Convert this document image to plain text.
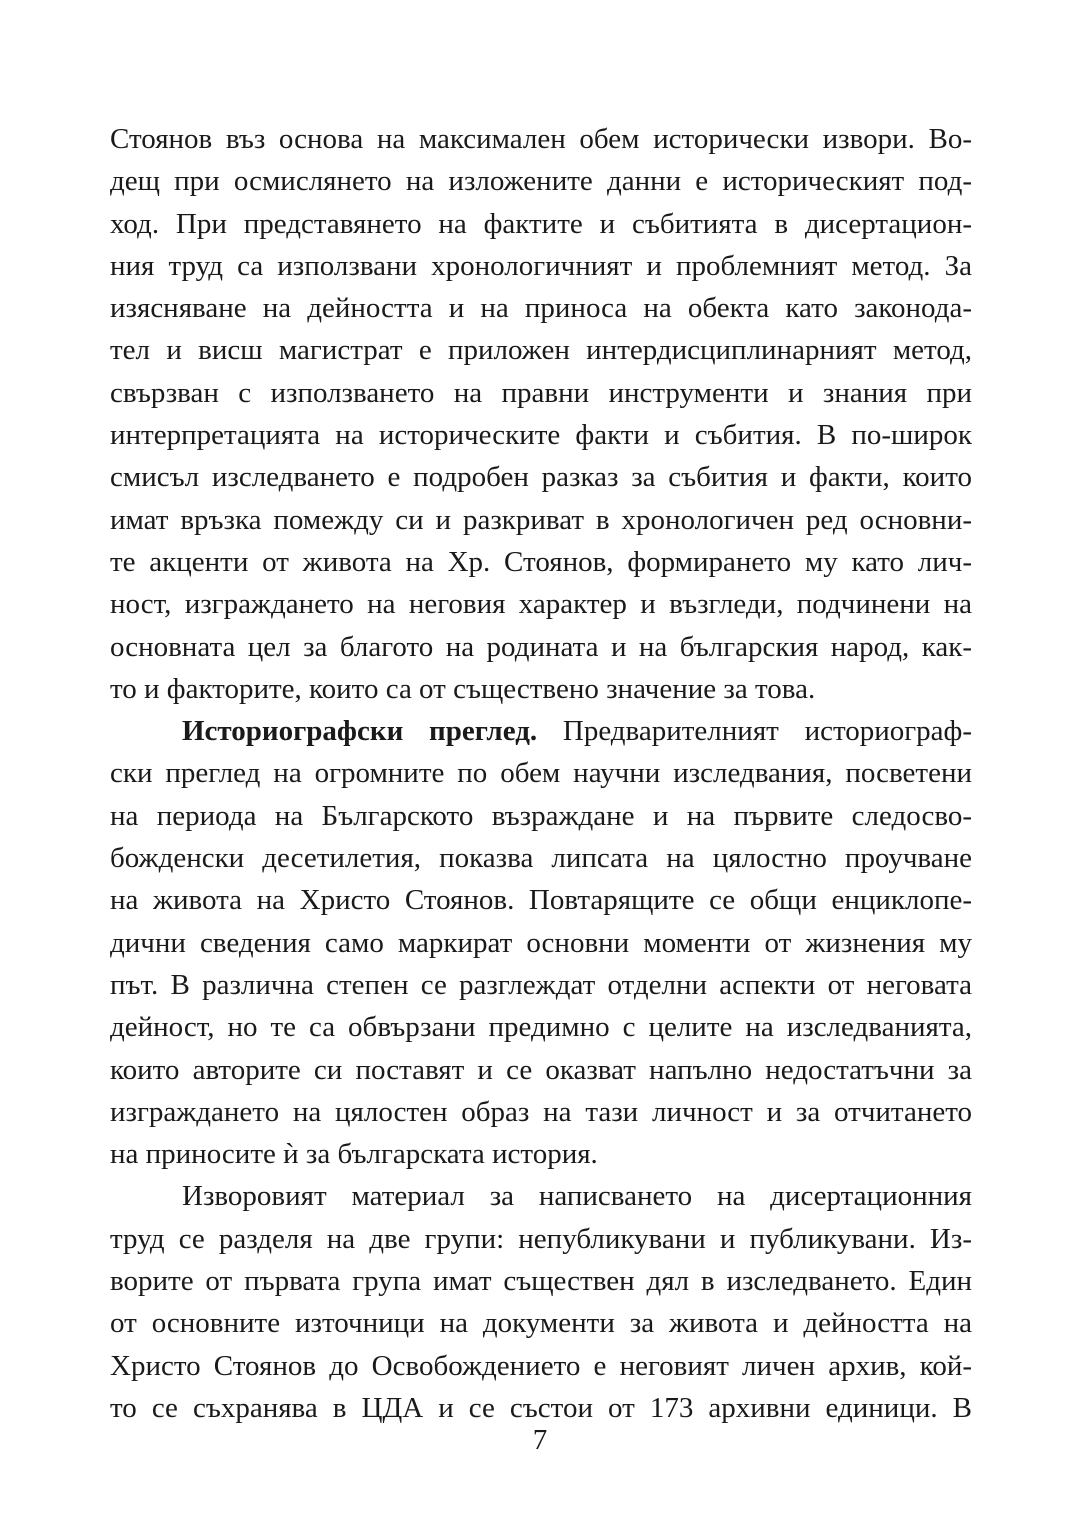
Стоянов въз основа на максимален обем исторически извори. Во-
дещ при осмислянето на изложените данни е историческият под-
ход. При представянето на фактите и събитията в дисертацион-
ния труд са използвани хронологичният и проблемният метод. За
изясняване на дейността и на приноса на обекта като законода-
тел и висш магистрат е приложен интердисциплинарният метод,
свързван с използването на правни инструменти и знания при
интерпретацията на историческите факти и събития. В по-широк
смисъл изследването е подробен разказ за събития и факти, които
имат връзка помежду си и разкриват в хронологичен ред основни-
те акценти от живота на Хр. Стоянов, формирането му като лич-
ност, изграждането на неговия характер и възгледи, подчинени на
основната цел за благото на родината и на българския народ, как-
то и факторите, които са от съществено значение за това.
Историографски преглед. Предварителният историограф-
ски преглед на огромните по обем научни изследвания, посветени
на периода на Българското възраждане и на първите следосво-
божденски десетилетия, показва липсата на цялостно проучване
на живота на Христо Стоянов. Повтарящите се общи енциклопе-
дични сведения само маркират основни моменти от жизнения му
път. В различна степен се разглеждат отделни аспекти от неговата
дейност, но те са обвързани предимно с целите на изследванията,
които авторите си поставят и се оказват напълно недостатъчни за
изграждането на цялостен образ на тази личност и за отчитането
на приносите ѝ за българската история.
Изворовият материал за написването на дисертационния
труд се разделя на две групи: непубликувани и публикувани. Из-
ворите от първата група имат съществен дял в изследването. Един
от основните източници на документи за живота и дейността на
Христо Стоянов до Освобождението е неговият личен архив, кой-
то се съхранява в ЦДА и се състои от 173 архивни единици. В
7
